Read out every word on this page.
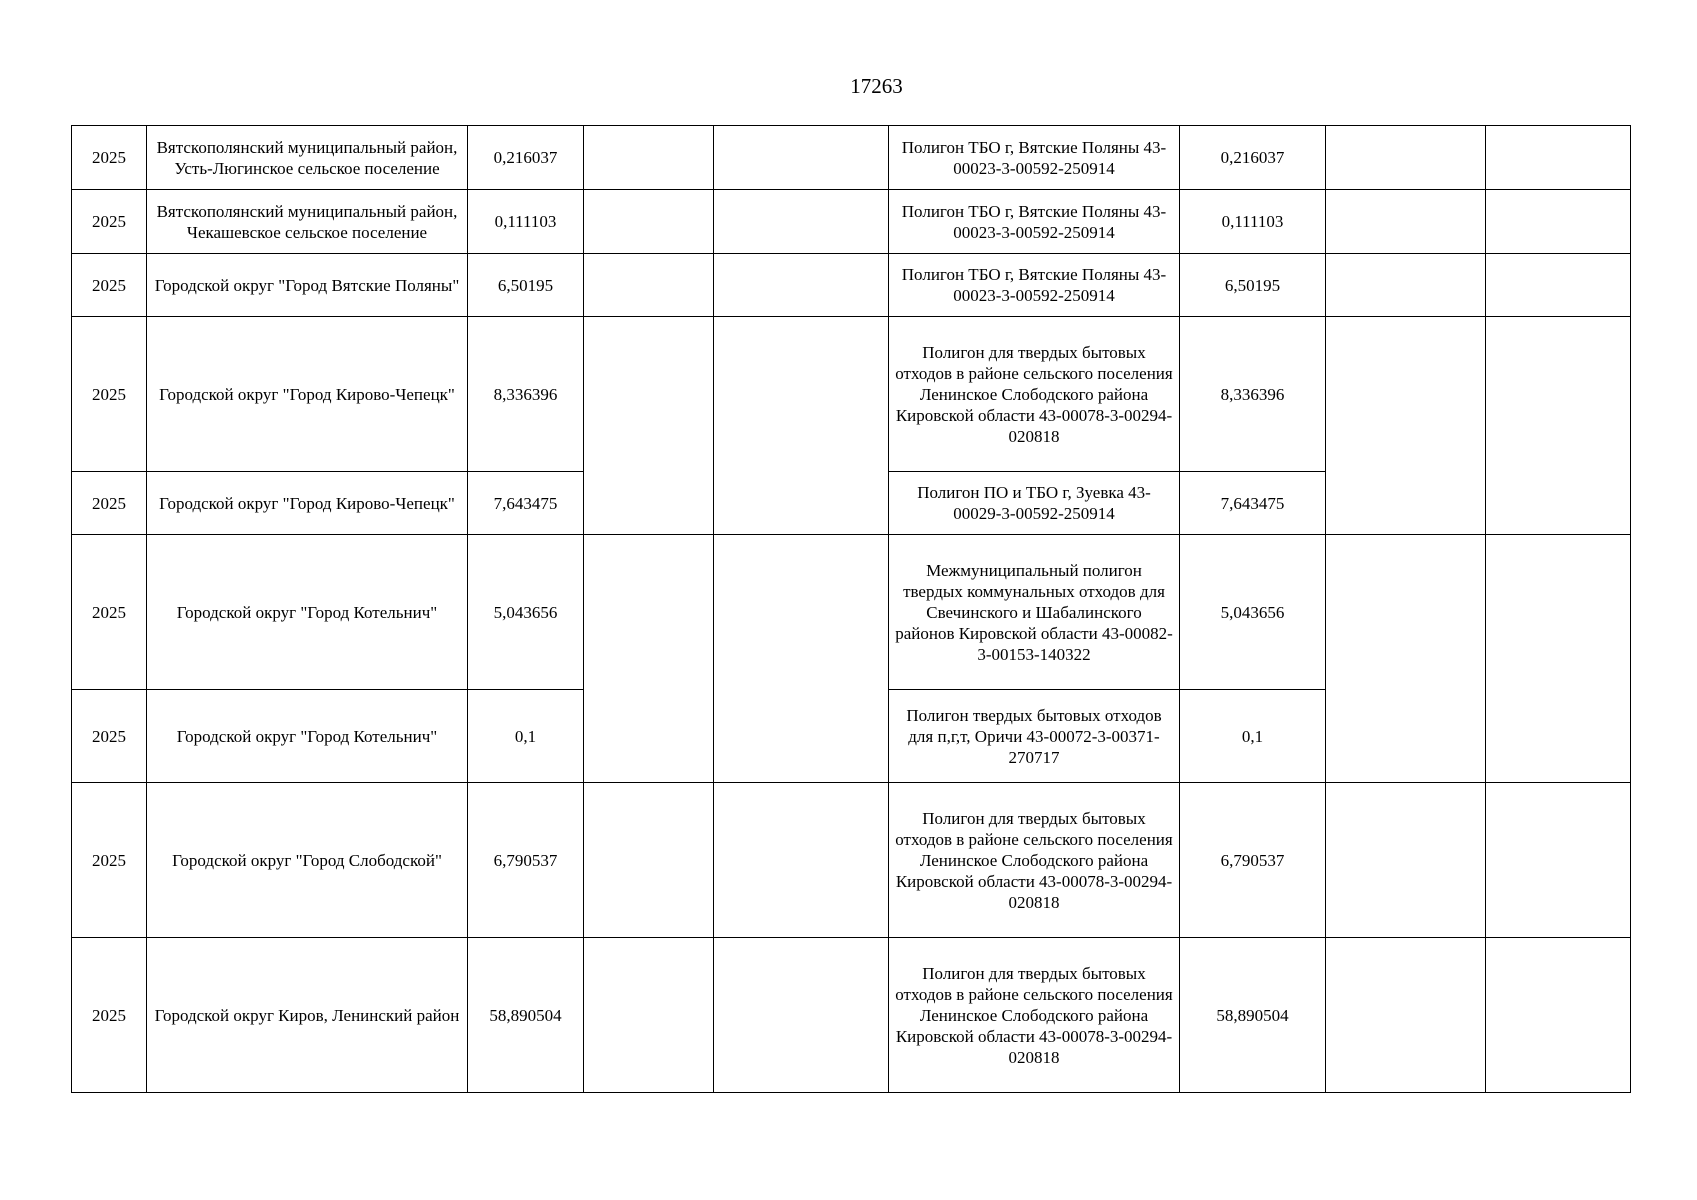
17263
2025	Вятскополянский муниципальный район, Усть-Люгинское сельское поселение	0,216037			Полигон ТБО г, Вятские Поляны 43-00023-3-00592-250914	0,216037		
2025	Вятскополянский муниципальный район, Чекашевское сельское поселение	0,111103			Полигон ТБО г, Вятские Поляны 43-00023-3-00592-250914	0,111103		
2025	Городской округ "Город Вятские Поляны"	6,50195			Полигон ТБО г, Вятские Поляны 43-00023-3-00592-250914	6,50195		
2025	Городской округ "Город Кирово-Чепецк"	8,336396			Полигон для твердых бытовых отходов в районе сельского поселения Ленинское Слободского района Кировской области 43-00078-3-00294-020818	8,336396		
2025	Городской округ "Город Кирово-Чепецк"	7,643475			Полигон ПО и ТБО г, Зуевка 43-00029-3-00592-250914	7,643475		
2025	Городской округ "Город Котельнич"	5,043656			Межмуниципальный полигон твердых коммунальных отходов для Свечинского и Шабалинского районов Кировской области 43-00082-3-00153-140322	5,043656		
2025	Городской округ "Город Котельнич"	0,1			Полигон твердых бытовых отходов для п,г,т, Оричи 43-00072-3-00371-270717	0,1		
2025	Городской округ "Город Слободской"	6,790537			Полигон для твердых бытовых отходов в районе сельского поселения Ленинское Слободского района Кировской области 43-00078-3-00294-020818	6,790537		
2025	Городской округ Киров, Ленинский район	58,890504			Полигон для твердых бытовых отходов в районе сельского поселения Ленинское Слободского района Кировской области 43-00078-3-00294-020818	58,890504		
